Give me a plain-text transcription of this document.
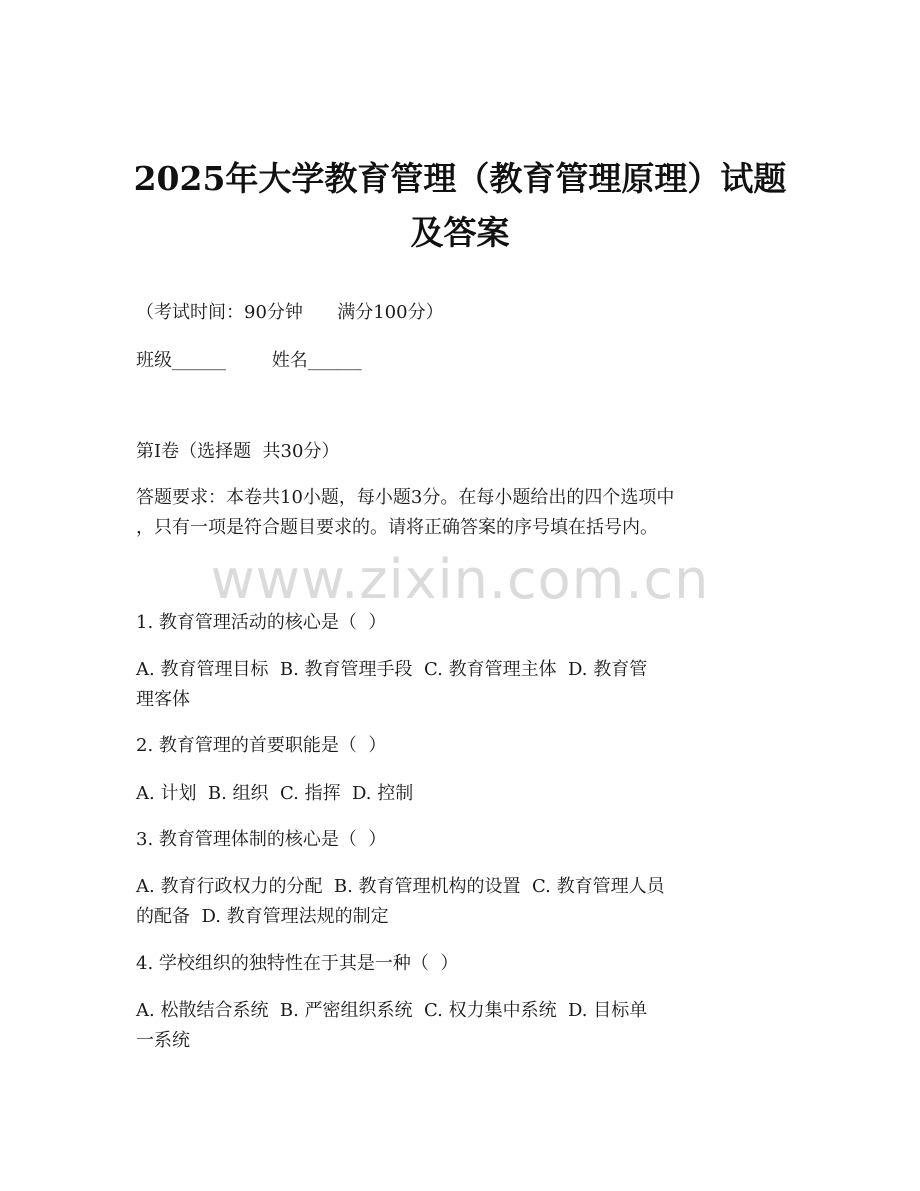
2025年大学教育管理（教育管理原理）试题
及答案
（考试时间：90分钟      满分100分）
班级______        姓名______
第I卷（选择题  共30分）
答题要求：本卷共10小题，每小题3分。在每小题给出的四个选项中
，只有一项是符合题目要求的。请将正确答案的序号填在括号内。
www.zixin.com.cn
1. 教育管理活动的核心是（  ）
A. 教育管理目标  B. 教育管理手段  C. 教育管理主体  D. 教育管
理客体
2. 教育管理的首要职能是（  ）
A. 计划  B. 组织  C. 指挥  D. 控制
3. 教育管理体制的核心是（  ）
A. 教育行政权力的分配  B. 教育管理机构的设置  C. 教育管理人员
的配备  D. 教育管理法规的制定
4. 学校组织的独特性在于其是一种（  ）
A. 松散结合系统  B. 严密组织系统  C. 权力集中系统  D. 目标单
一系统
